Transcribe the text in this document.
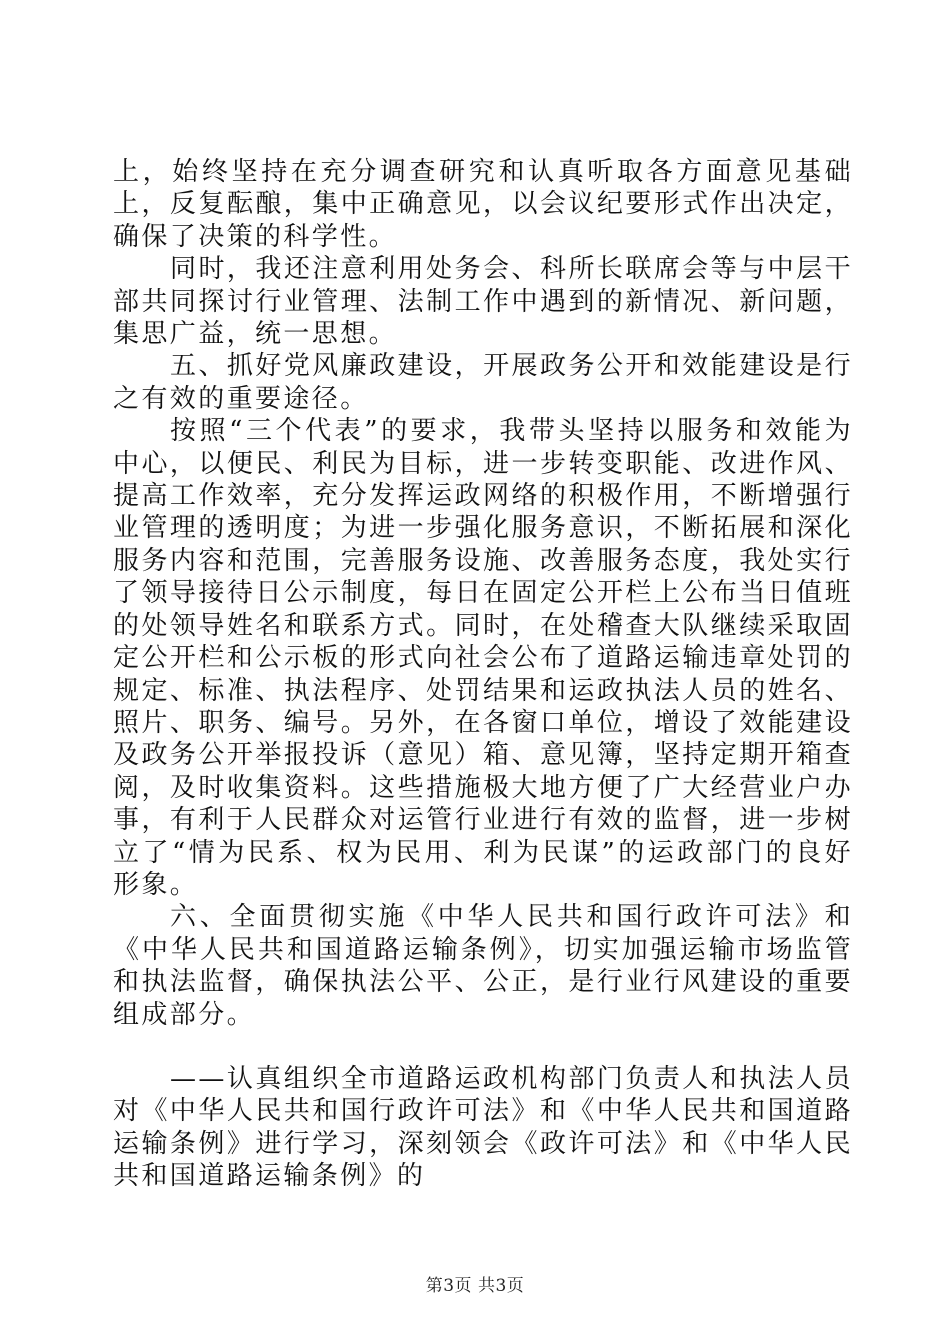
上，始终坚持在充分调查研究和认真听取各方面意见基础上，反复酝酿，集中正确意见，以会议纪要形式作出决定，确保了决策的科学性。

同时，我还注意利用处务会、科所长联席会等与中层干部共同探讨行业管理、法制工作中遇到的新情况、新问题，集思广益，统一思想。

五、抓好党风廉政建设，开展政务公开和效能建设是行之有效的重要途径。

按照“三个代表”的要求，我带头坚持以服务和效能为中心，以便民、利民为目标，进一步转变职能、改进作风、提高工作效率，充分发挥运政网络的积极作用，不断增强行业管理的透明度；为进一步强化服务意识，不断拓展和深化服务内容和范围，完善服务设施、改善服务态度，我处实行了领导接待日公示制度，每日在固定公开栏上公布当日值班的处领导姓名和联系方式。同时，在处稽查大队继续采取固定公开栏和公示板的形式向社会公布了道路运输违章处罚的规定、标准、执法程序、处罚结果和运政执法人员的姓名、照片、职务、编号。另外，在各窗口单位，增设了效能建设及政务公开举报投诉（意见）箱、意见簿，坚持定期开箱查阅，及时收集资料。这些措施极大地方便了广大经营业户办事，有利于人民群众对运管行业进行有效的监督，进一步树立了“情为民系、权为民用、利为民谋”的运政部门的良好形象。

六、全面贯彻实施《中华人民共和国行政许可法》和《中华人民共和国道路运输条例》，切实加强运输市场监管和执法监督，确保执法公平、公正，是行业行风建设的重要组成部分。

——认真组织全市道路运政机构部门负责人和执法人员对《中华人民共和国行政许可法》和《中华人民共和国道路运输条例》进行学习，深刻领会《政许可法》和《中华人民共和国道路运输条例》的

第3页 共3页
